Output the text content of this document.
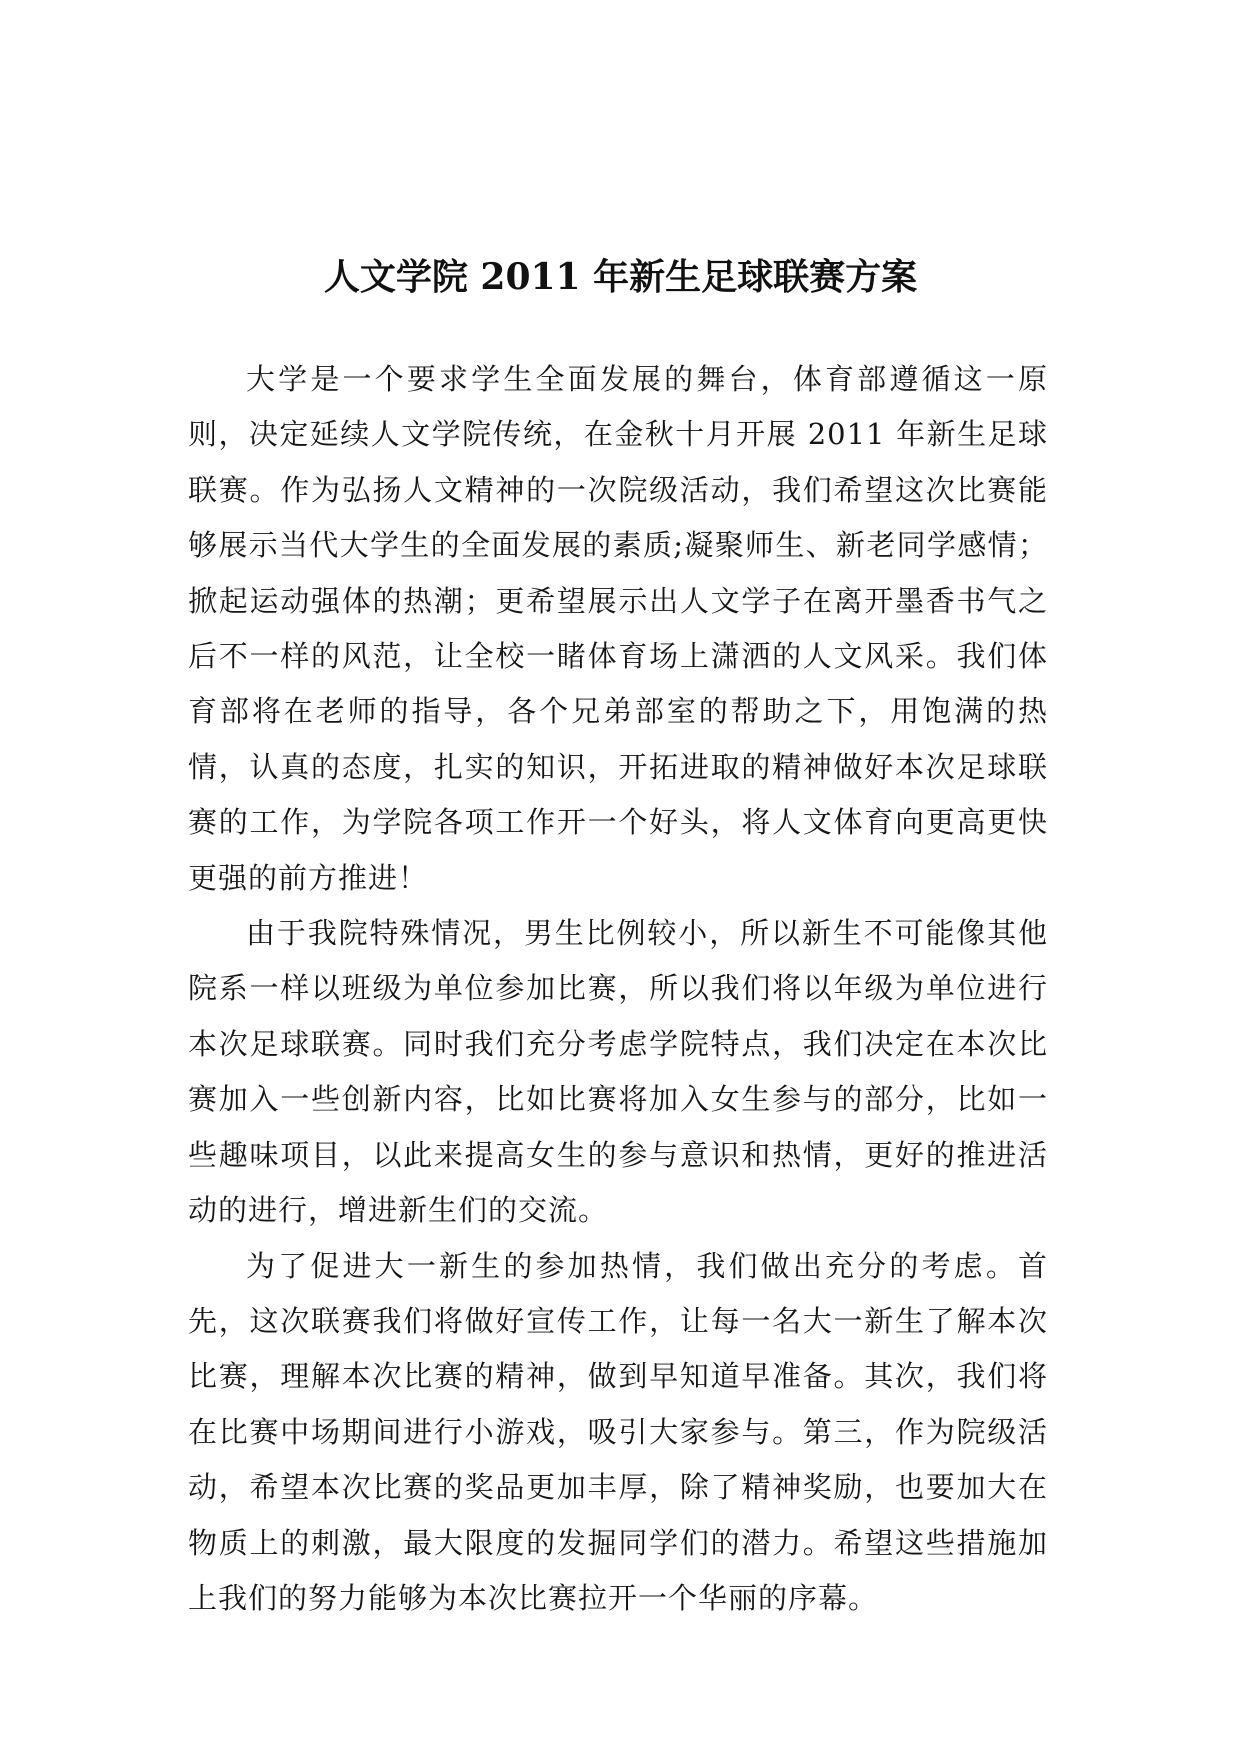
人文学院 2011 年新生足球联赛方案

大学是一个要求学生全面发展的舞台，体育部遵循这一原则，决定延续人文学院传统，在金秋十月开展 2011 年新生足球联赛。作为弘扬人文精神的一次院级活动，我们希望这次比赛能够展示当代大学生的全面发展的素质;凝聚师生、新老同学感情；掀起运动强体的热潮；更希望展示出人文学子在离开墨香书气之后不一样的风范，让全校一睹体育场上潇洒的人文风采。我们体育部将在老师的指导，各个兄弟部室的帮助之下，用饱满的热情，认真的态度，扎实的知识，开拓进取的精神做好本次足球联赛的工作，为学院各项工作开一个好头，将人文体育向更高更快更强的前方推进！

由于我院特殊情况，男生比例较小，所以新生不可能像其他院系一样以班级为单位参加比赛，所以我们将以年级为单位进行本次足球联赛。同时我们充分考虑学院特点，我们决定在本次比赛加入一些创新内容，比如比赛将加入女生参与的部分，比如一些趣味项目，以此来提高女生的参与意识和热情，更好的推进活动的进行，增进新生们的交流。

为了促进大一新生的参加热情，我们做出充分的考虑。首先，这次联赛我们将做好宣传工作，让每一名大一新生了解本次比赛，理解本次比赛的精神，做到早知道早准备。其次，我们将在比赛中场期间进行小游戏，吸引大家参与。第三，作为院级活动，希望本次比赛的奖品更加丰厚，除了精神奖励，也要加大在物质上的刺激，最大限度的发掘同学们的潜力。希望这些措施加上我们的努力能够为本次比赛拉开一个华丽的序幕。
